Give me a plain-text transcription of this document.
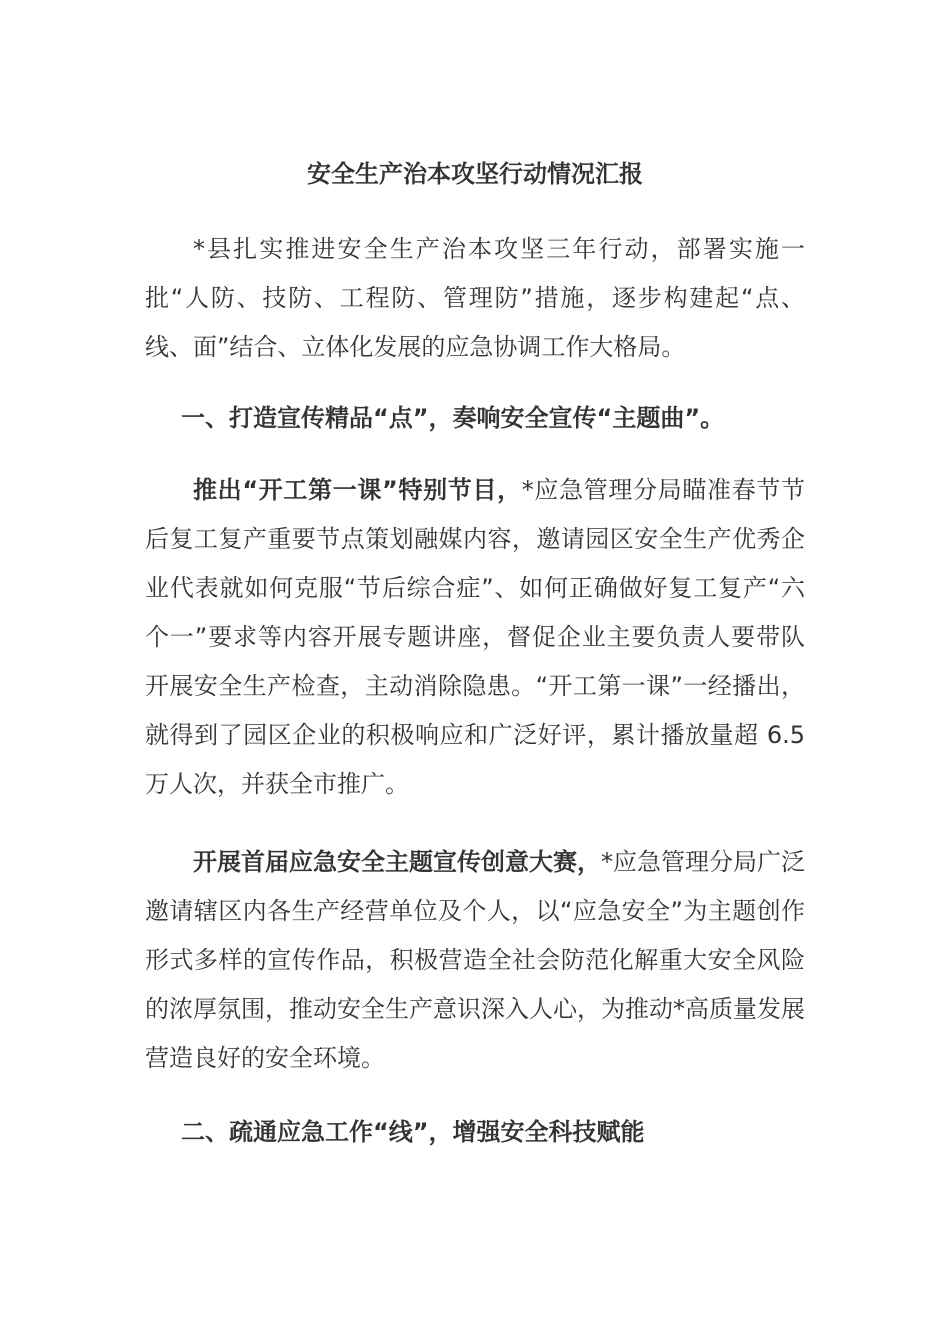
安全生产治本攻坚行动情况汇报

*县扎实推进安全生产治本攻坚三年行动，部署实施一批“人防、技防、工程防、管理防”措施，逐步构建起“点、线、面”结合、立体化发展的应急协调工作大格局。

一、打造宣传精品“点”，奏响安全宣传“主题曲”。

推出“开工第一课”特别节目，*应急管理分局瞄准春节节后复工复产重要节点策划融媒内容，邀请园区安全生产优秀企业代表就如何克服“节后综合症”、如何正确做好复工复产“六个一”要求等内容开展专题讲座，督促企业主要负责人要带队开展安全生产检查，主动消除隐患。“开工第一课”一经播出，就得到了园区企业的积极响应和广泛好评，累计播放量超 6.5 万人次，并获全市推广。

开展首届应急安全主题宣传创意大赛，*应急管理分局广泛邀请辖区内各生产经营单位及个人，以“应急安全”为主题创作形式多样的宣传作品，积极营造全社会防范化解重大安全风险的浓厚氛围，推动安全生产意识深入人心，为推动*高质量发展营造良好的安全环境。

二、疏通应急工作“线”，增强安全科技赋能
